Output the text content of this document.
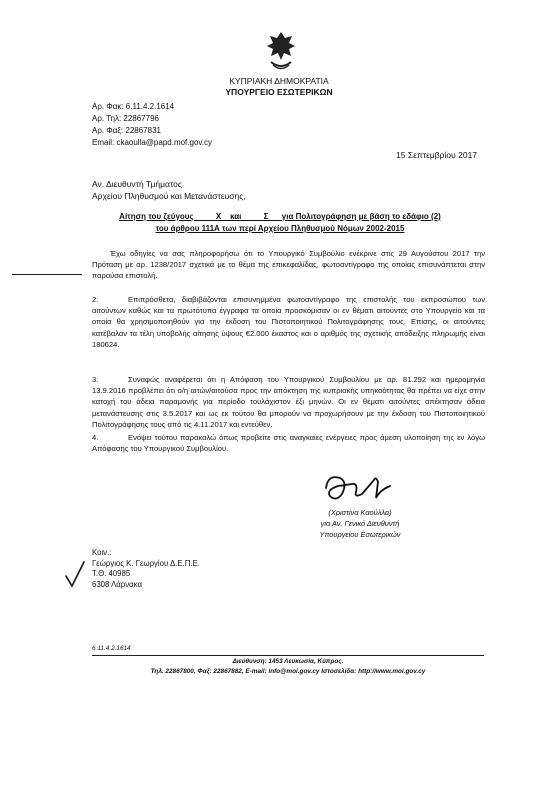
ΚΥΠΡΙΑΚΗ ΔΗΜΟΚΡΑΤΙΑ
ΥΠΟΥΡΓΕΙΟ ΕΣΩΤΕΡΙΚΩΝ
Αρ. Φακ: 6.11.4.2.1614
Αρ. Τηλ: 22867796
Αρ. Φαξ: 22867831
Email: ckaoulla@papd.mof.gov.cy
15 Σεπτεμβρίου 2017
Αν. Διευθυντή Τμήματος
Αρχείου Πληθυσμού και Μετανάστευσης,
Αίτηση του ζεύγους          Χ    και          Σ      για Πολιτογράφηση με βάση το εδάφιο (2)
του άρθρου 111Α των περί Αρχείου Πληθυσμού Νόμων 2002-2015
Έχω οδηγίες να σας πληροφορήσω ότι το Υπουργικό Συμβούλιο ενέκρινε στις 29 Αυγούστου 2017 την Πρόταση με αρ. 1238/2017 σχετικά με το θέμα της επικεφαλίδας, φωτοαντίγραφο της οποίας επισυνάπτεται στην παρούσα επιστολή.
Επιπρόσθετα, διαβιβάζονται επισυνημμένα φωτοαντίγραφο της επιστολής του εκπροσώπου των αιτούντων καθώς και τα πρωτότυπα έγγραφα τα οποία προσκόμισαν οι εν θέματι αιτούντες στο Υπουργείο και τα οποία θα χρησιμοποιηθούν για την έκδοση του Πιστοποιητικού Πολιτογράφησης τους. Επίσης, οι αιτούντες κατέβαλαν τα τέλη υποβολής αίτησης ύψους €2.000 έκαστος και ο αριθμός της σχετικής απόδειξης πληρωμής είναι 180624.
2.
Συναφώς αναφέρεται ότι η Απόφαση του Υπουργικού Συμβουλίου με αρ. 81.292 και ημερομηνία 13.9.2016 προβλέπει ότι ο/η αιτών/αιτούσα προς την απόκτηση της κυπριακής υπηκοότητας θα πρέπει να είχε στην κατοχή του άδεια παραμονής για περίοδο τουλάχιστον έξι μηνών. Οι εν θέματι αιτούντες απέκτησαν άδεια μετανάστευσης στις 3.5.2017 και ως εκ τούτου θα μπορούν να προχωρήσουν με την έκδοση του Πιστοποιητικού Πολιτογράφησης τους από τις 4.11.2017 και εντεύθεν.
3.
Ενόψει τούτου παρακαλώ όπως προβείτε στις αναγκαίες ενέργειες προς άμεση υλοποίηση της εν λόγω Απόφασης του Υπουργικού Συμβουλίου.
4.
(Χριστίνα Καούλλα)
για Αν. Γενικό Διευθυντή
Υπουργείου Εσωτερικών
Κοιν.:
Γεώργιος Κ. Γεωργίου Δ.Ε.Π.Ε.
Τ.Θ. 40985
6308 Λάρνακα
6.11.4.2.1614
Διεύθυνση: 1453 Λευκωσία, Κύπρος.
Τηλ. 22867800, Φαξ: 22867882, E-mail: info@moi.gov.cy Ιστοσελίδα: http://www.moi.gov.cy
